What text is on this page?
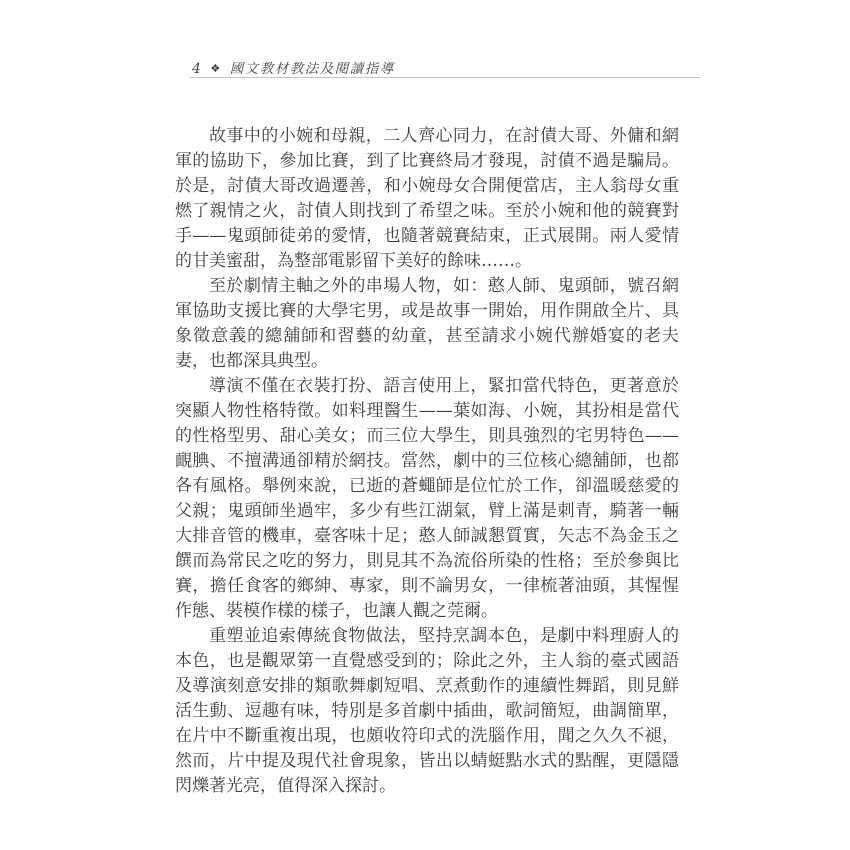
4 ❖ 國文教材教法及閱讀指導

故事中的小婉和母親，二人齊心同力，在討債大哥、外傭和網軍的協助下，參加比賽，到了比賽終局才發現，討債不過是騙局。於是，討債大哥改過遷善，和小婉母女合開便當店，主人翁母女重燃了親情之火，討債人則找到了希望之味。至於小婉和他的競賽對手——鬼頭師徒弟的愛情，也隨著競賽結束，正式展開。兩人愛情的甘美蜜甜，為整部電影留下美好的餘味……。

至於劇情主軸之外的串場人物，如：憨人師、鬼頭師，號召網軍協助支援比賽的大學宅男，或是故事一開始，用作開啟全片、具象徵意義的總舖師和習藝的幼童，甚至請求小婉代辦婚宴的老夫妻，也都深具典型。

導演不僅在衣裝打扮、語言使用上，緊扣當代特色，更著意於突顯人物性格特徵。如料理醫生——葉如海、小婉，其扮相是當代的性格型男、甜心美女；而三位大學生，則具強烈的宅男特色——靦腆、不擅溝通卻精於網技。當然，劇中的三位核心總舖師，也都各有風格。舉例來說，已逝的蒼蠅師是位忙於工作，卻溫暖慈愛的父親；鬼頭師坐過牢，多少有些江湖氣，臂上滿是刺青，騎著一輛大排音管的機車，臺客味十足；憨人師誠懇質實，矢志不為金玉之饌而為常民之吃的努力，則見其不為流俗所染的性格；至於參與比賽，擔任食客的鄉紳、專家，則不論男女，一律梳著油頭，其惺惺作態、裝模作樣的樣子，也讓人觀之莞爾。

重塑並追索傳統食物做法，堅持烹調本色，是劇中料理廚人的本色，也是觀眾第一直覺感受到的；除此之外，主人翁的臺式國語及導演刻意安排的類歌舞劇短唱、烹煮動作的連續性舞蹈，則見鮮活生動、逗趣有味，特別是多首劇中插曲，歌詞簡短，曲調簡單，在片中不斷重複出現，也頗收符印式的洗腦作用，聞之久久不褪，然而，片中提及現代社會現象，皆出以蜻蜓點水式的點醒，更隱隱閃爍著光亮，值得深入探討。
